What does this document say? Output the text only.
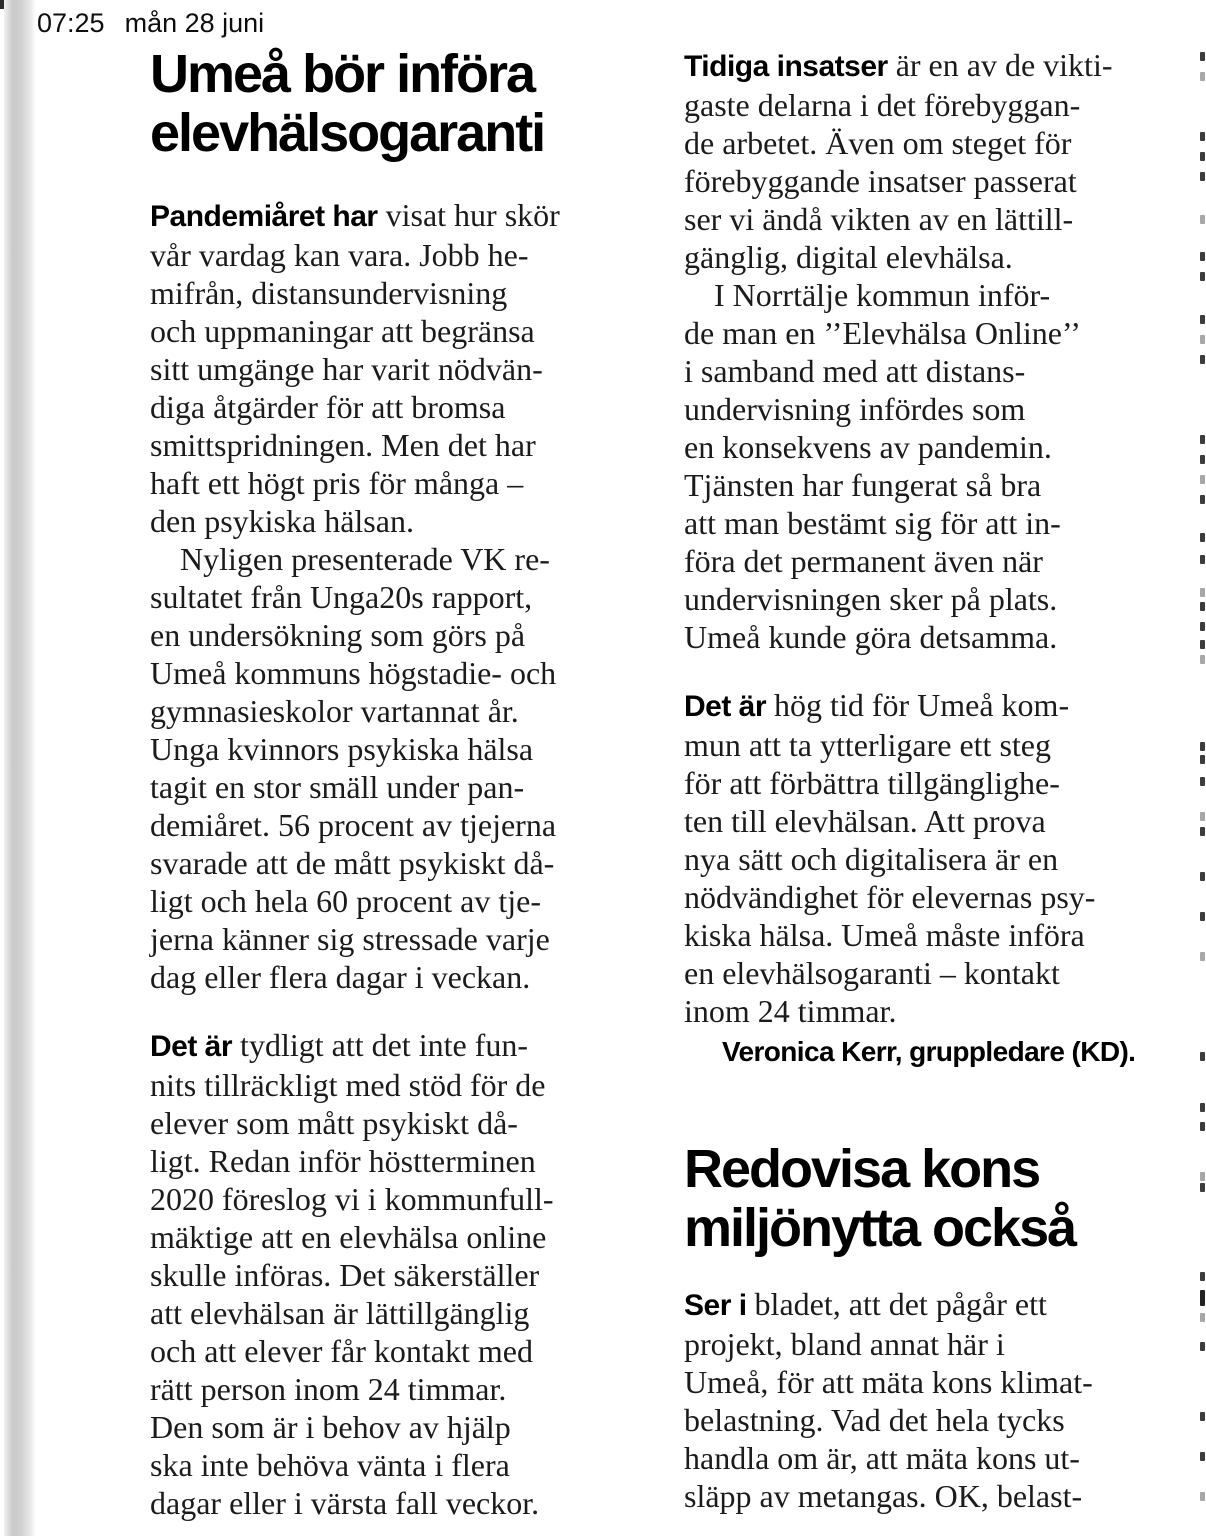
07:25 mån 28 juni
Umeå bör införa
elevhälsogaranti

Pandemiåret har visat hur skör
vår vardag kan vara. Jobb he-
mifrån, distansundervisning
och uppmaningar att begränsa
sitt umgänge har varit nödvän-
diga åtgärder för att bromsa
smittspridningen. Men det har
haft ett högt pris för många –
den psykiska hälsan.

Nyligen presenterade VK re-
sultatet från Unga20s rapport,
en undersökning som görs på
Umeå kommuns högstadie- och
gymnasieskolor vartannat år.
Unga kvinnors psykiska hälsa
tagit en stor smäll under pan-
demiåret. 56 procent av tjejerna
svarade att de mått psykiskt då-
ligt och hela 60 procent av tje-
jerna känner sig stressade varje
dag eller flera dagar i veckan.

Det är tydligt att det inte fun-
nits tillräckligt med stöd för de
elever som mått psykiskt då-
ligt. Redan inför höstterminen
2020 föreslog vi i kommunfull-
mäktige att en elevhälsa online
skulle införas. Det säkerställer
att elevhälsan är lättillgänglig
och att elever får kontakt med
rätt person inom 24 timmar.
Den som är i behov av hjälp
ska inte behöva vänta i flera
dagar eller i värsta fall veckor.

Tidiga insatser är en av de vikti-
gaste delarna i det förebyggan-
de arbetet. Även om steget för
förebyggande insatser passerat
ser vi ändå vikten av en lättill-
gänglig, digital elevhälsa.

I Norrtälje kommun inför-
de man en ’’Elevhälsa Online’’
i samband med att distans-
undervisning infördes som
en konsekvens av pandemin.
Tjänsten har fungerat så bra
att man bestämt sig för att in-
föra det permanent även när
undervisningen sker på plats.
Umeå kunde göra detsamma.

Det är hög tid för Umeå kom-
mun att ta ytterligare ett steg
för att förbättra tillgänglighe-
ten till elevhälsan. Att prova
nya sätt och digitalisera är en
nödvändighet för elevernas psy-
kiska hälsa. Umeå måste införa
en elevhälsogaranti – kontakt
inom 24 timmar.

Veronica Kerr, gruppledare (KD).

Redovisa kons
miljönytta också

Ser i bladet, att det pågår ett
projekt, bland annat här i
Umeå, för att mäta kons klimat-
belastning. Vad det hela tycks
handla om är, att mäta kons ut-
släpp av metangas. OK, belast-
